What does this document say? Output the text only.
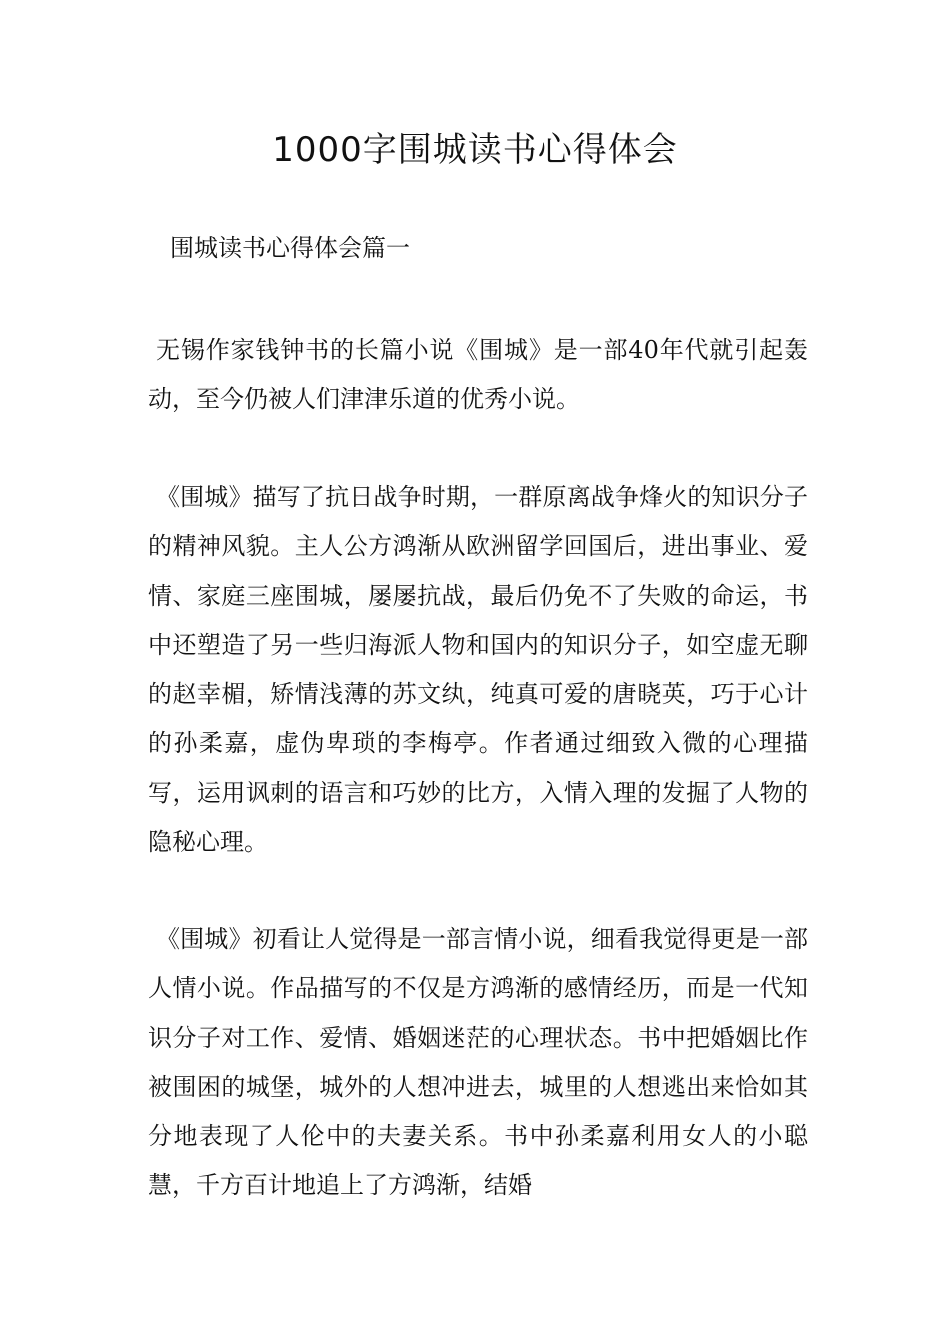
1000字围城读书心得体会

围城读书心得体会篇一

无锡作家钱钟书的长篇小说《围城》是一部40年代就引起轰动，至今仍被人们津津乐道的优秀小说。

《围城》描写了抗日战争时期，一群原离战争烽火的知识分子的精神风貌。主人公方鸿渐从欧洲留学回国后，进出事业、爱情、家庭三座围城，屡屡抗战，最后仍免不了失败的命运，书中还塑造了另一些归海派人物和国内的知识分子，如空虚无聊的赵幸楣，矫情浅薄的苏文纨，纯真可爱的唐晓英，巧于心计的孙柔嘉，虚伪卑琐的李梅亭。作者通过细致入微的心理描写，运用讽刺的语言和巧妙的比方，入情入理的发掘了人物的隐秘心理。

《围城》初看让人觉得是一部言情小说，细看我觉得更是一部人情小说。作品描写的不仅是方鸿渐的感情经历，而是一代知识分子对工作、爱情、婚姻迷茫的心理状态。书中把婚姻比作被围困的城堡，城外的人想冲进去，城里的人想逃出来恰如其分地表现了人伦中的夫妻关系。书中孙柔嘉利用女人的小聪慧，千方百计地追上了方鸿渐，结婚
